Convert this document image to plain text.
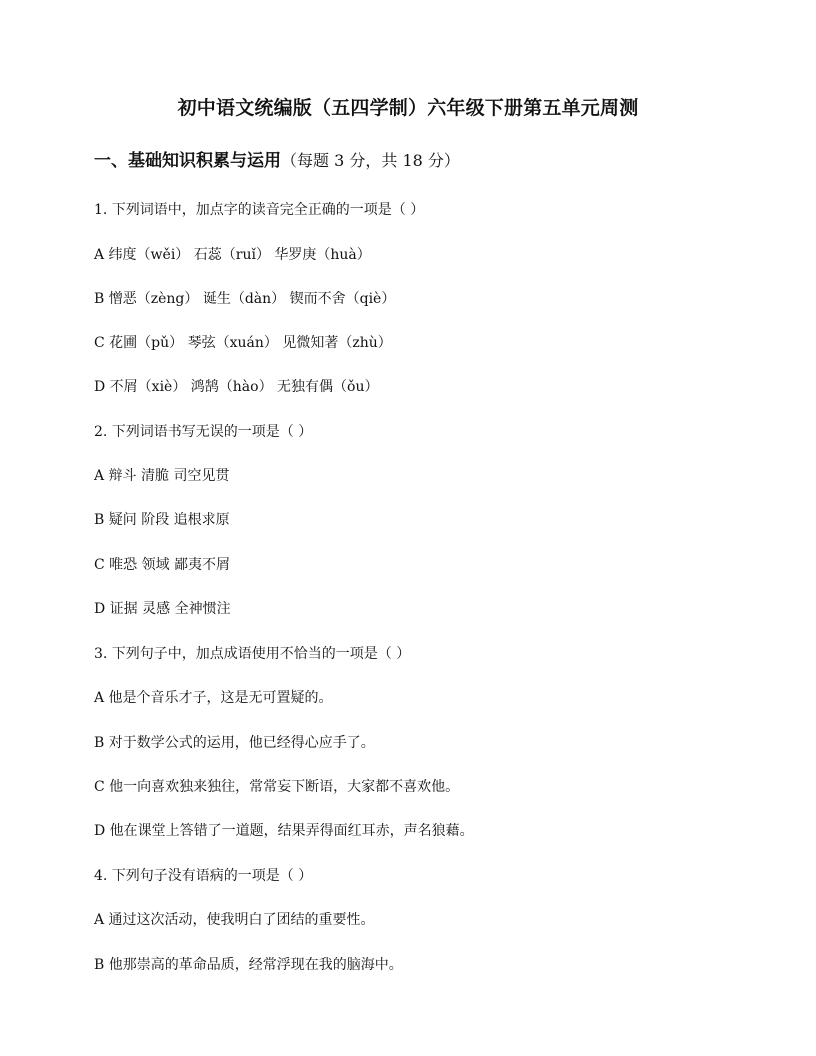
初中语文统编版（五四学制）六年级下册第五单元周测
一、基础知识积累与运用（每题 3 分，共 18 分）
1. 下列词语中，加点字的读音完全正确的一项是（ ）
A 纬度（wěi） 石蕊（ruǐ） 华罗庚（huà）
B 憎恶（zèng） 诞生（dàn） 锲而不舍（qiè）
C 花圃（pǔ） 琴弦（xuán） 见微知著（zhù）
D 不屑（xiè） 鸿鹄（hào） 无独有偶（ǒu）
2. 下列词语书写无误的一项是（ ）
A 辩斗 清脆 司空见贯
B 疑问 阶段 追根求原
C 唯恐 领域 鄙夷不屑
D 证据 灵感 全神惯注
3. 下列句子中，加点成语使用不恰当的一项是（ ）
A 他是个音乐才子，这是无可置疑的。
B 对于数学公式的运用，他已经得心应手了。
C 他一向喜欢独来独往，常常妄下断语，大家都不喜欢他。
D 他在课堂上答错了一道题，结果弄得面红耳赤，声名狼藉。
4. 下列句子没有语病的一项是（ ）
A 通过这次活动，使我明白了团结的重要性。
B 他那崇高的革命品质，经常浮现在我的脑海中。
